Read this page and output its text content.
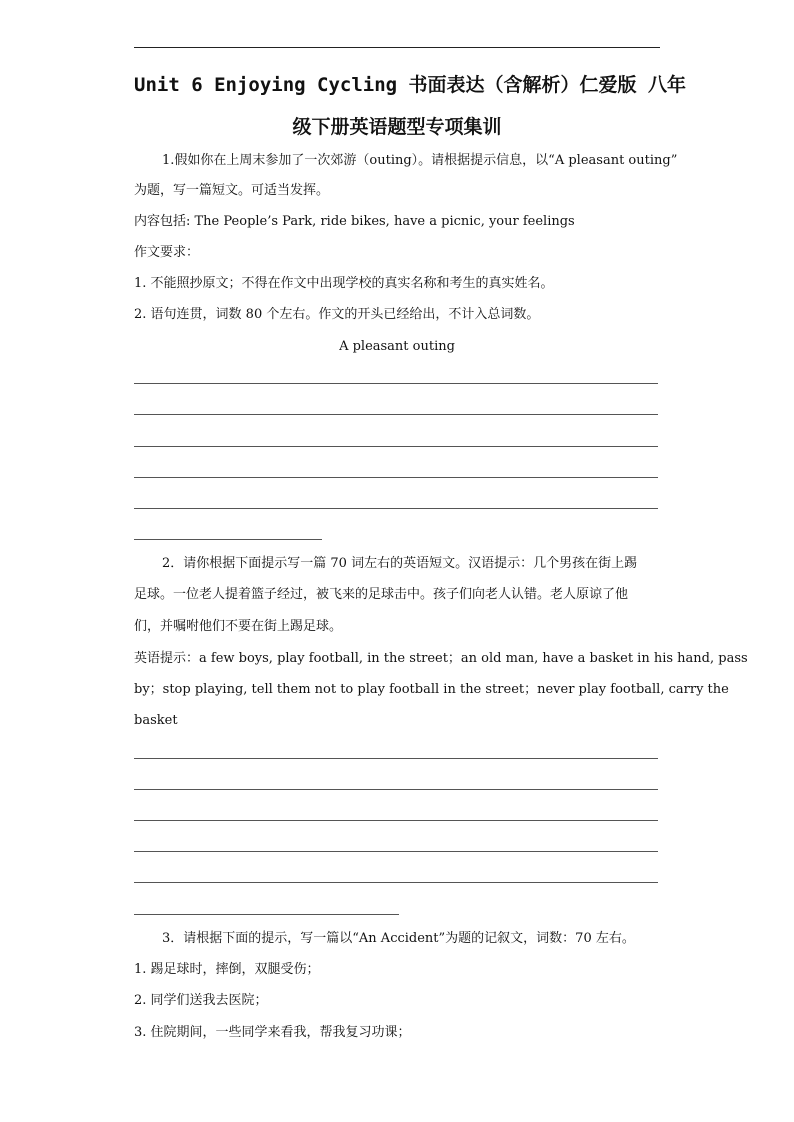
Unit 6 Enjoying Cycling 书面表达（含解析）仁爱版 八年
级下册英语题型专项集训
1.假如你在上周末参加了一次郊游（outing）。请根据提示信息，以“A pleasant outing”
为题，写一篇短文。可适当发挥。
内容包括: The People’s Park, ride bikes, have a picnic, your feelings
作文要求：
1. 不能照抄原文；不得在作文中出现学校的真实名称和考生的真实姓名。
2. 语句连贯，词数 80 个左右。作文的开头已经给出，不计入总词数。
A pleasant outing
2．请你根据下面提示写一篇 70 词左右的英语短文。汉语提示：几个男孩在街上踢
足球。一位老人提着篮子经过，被飞来的足球击中。孩子们向老人认错。老人原谅了他
们，并嘱咐他们不要在街上踢足球。
英语提示：a few boys, play football, in the street；an old man, have a basket in his hand, pass
by；stop playing, tell them not to play football in the street；never play football, carry the
basket
3．请根据下面的提示，写一篇以“An Accident”为题的记叙文，词数：70 左右。
1. 踢足球时，摔倒，双腿受伤；
2. 同学们送我去医院；
3. 住院期间，一些同学来看我，帮我复习功课；
